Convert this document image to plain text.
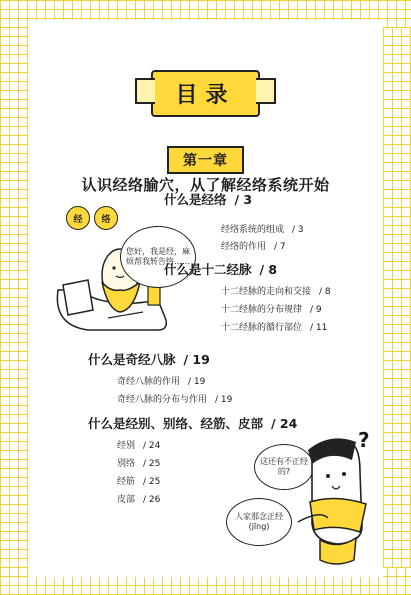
目录
第一章
认识经络腧穴，从了解经络系统开始
经	络
您好，我是​经，麻烦帮我转告络……
什么是经络 / 3
经络系统的组成 / 3
经络的作用 / 7
什么是十二经脉 / 8
十二经脉的走向和交接 / 8
十二经脉的分布规律 / 9
十二经脉的循行部位 / 11
什么是奇经八脉 / 19
奇经八脉的作用 / 19
奇经八脉的分布与作用 / 19
什么是经别、别络、经筋、皮部 / 24
经别 / 24
别络 / 25
经筋 / 25
皮部 / 26
这还有不正经的?
人家那念正经(jīng)
?
